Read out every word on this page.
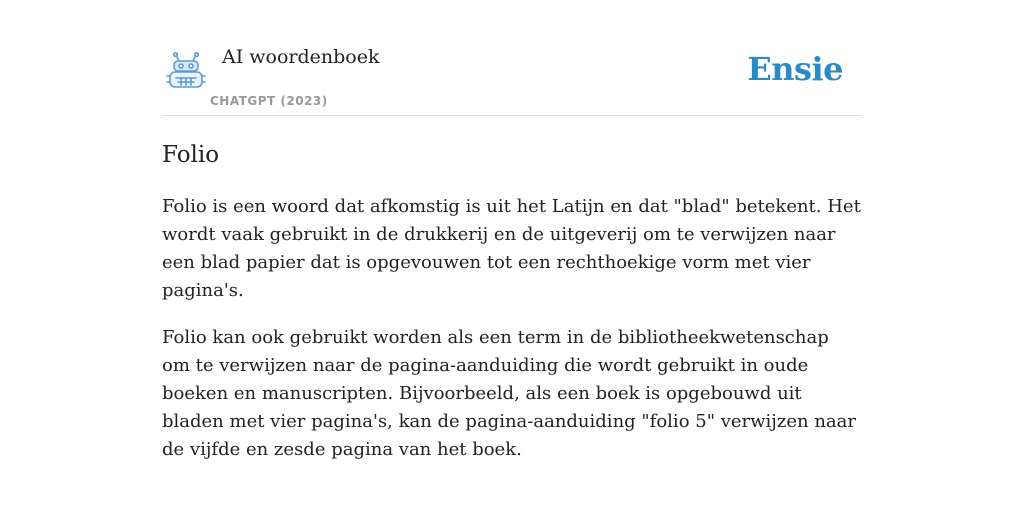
AI woordenboek
CHATGPT (2023)
Ensie
Folio

Folio is een woord dat afkomstig is uit het Latijn en dat "blad" betekent. Het wordt vaak gebruikt in de drukkerij en de uitgeverij om te verwijzen naar een blad papier dat is opgevouwen tot een rechthoekige vorm met vier pagina's.

Folio kan ook gebruikt worden als een term in de bibliotheekwetenschap om te verwijzen naar de pagina-aanduiding die wordt gebruikt in oude boeken en manuscripten. Bijvoorbeeld, als een boek is opgebouwd uit bladen met vier pagina's, kan de pagina-aanduiding "folio 5" verwijzen naar de vijfde en zesde pagina van het boek.
